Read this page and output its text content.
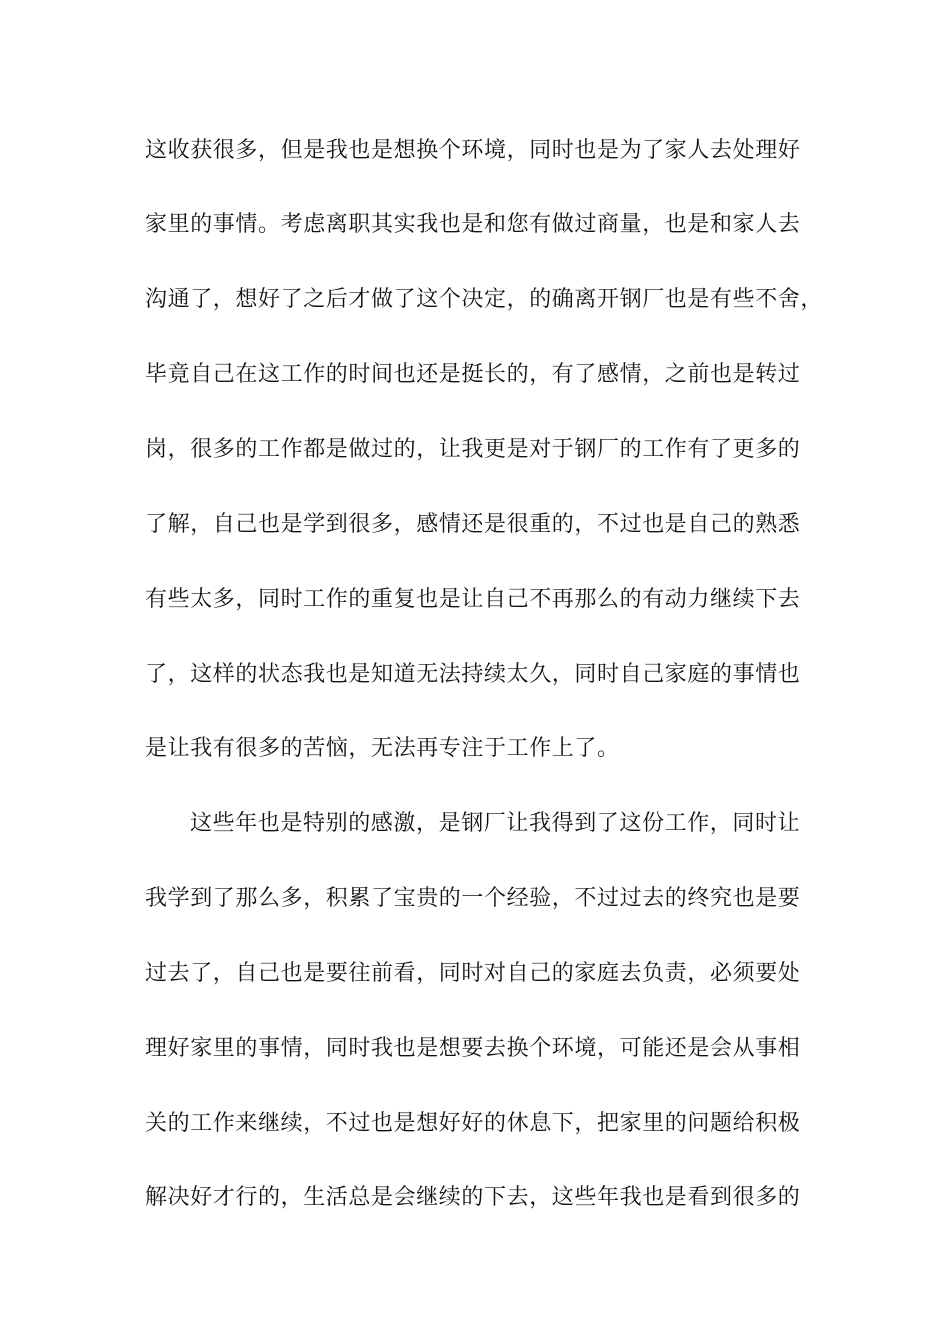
这收获很多，但是我也是想换个环境，同时也是为了家人去处理好
家里的事情。考虑离职其实我也是和您有做过商量，也是和家人去
沟通了，想好了之后才做了这个决定，的确离开钢厂也是有些不舍，
毕竟自己在这工作的时间也还是挺长的，有了感情，之前也是转过
岗，很多的工作都是做过的，让我更是对于钢厂的工作有了更多的
了解，自己也是学到很多，感情还是很重的，不过也是自己的熟悉
有些太多，同时工作的重复也是让自己不再那么的有动力继续下去
了，这样的状态我也是知道无法持续太久，同时自己家庭的事情也
是让我有很多的苦恼，无法再专注于工作上了。
这些年也是特别的感激，是钢厂让我得到了这份工作，同时让
我学到了那么多，积累了宝贵的一个经验，不过过去的终究也是要
过去了，自己也是要往前看，同时对自己的家庭去负责，必须要处
理好家里的事情，同时我也是想要去换个环境，可能还是会从事相
关的工作来继续，不过也是想好好的休息下，把家里的问题给积极
解决好才行的，生活总是会继续的下去，这些年我也是看到很多的
